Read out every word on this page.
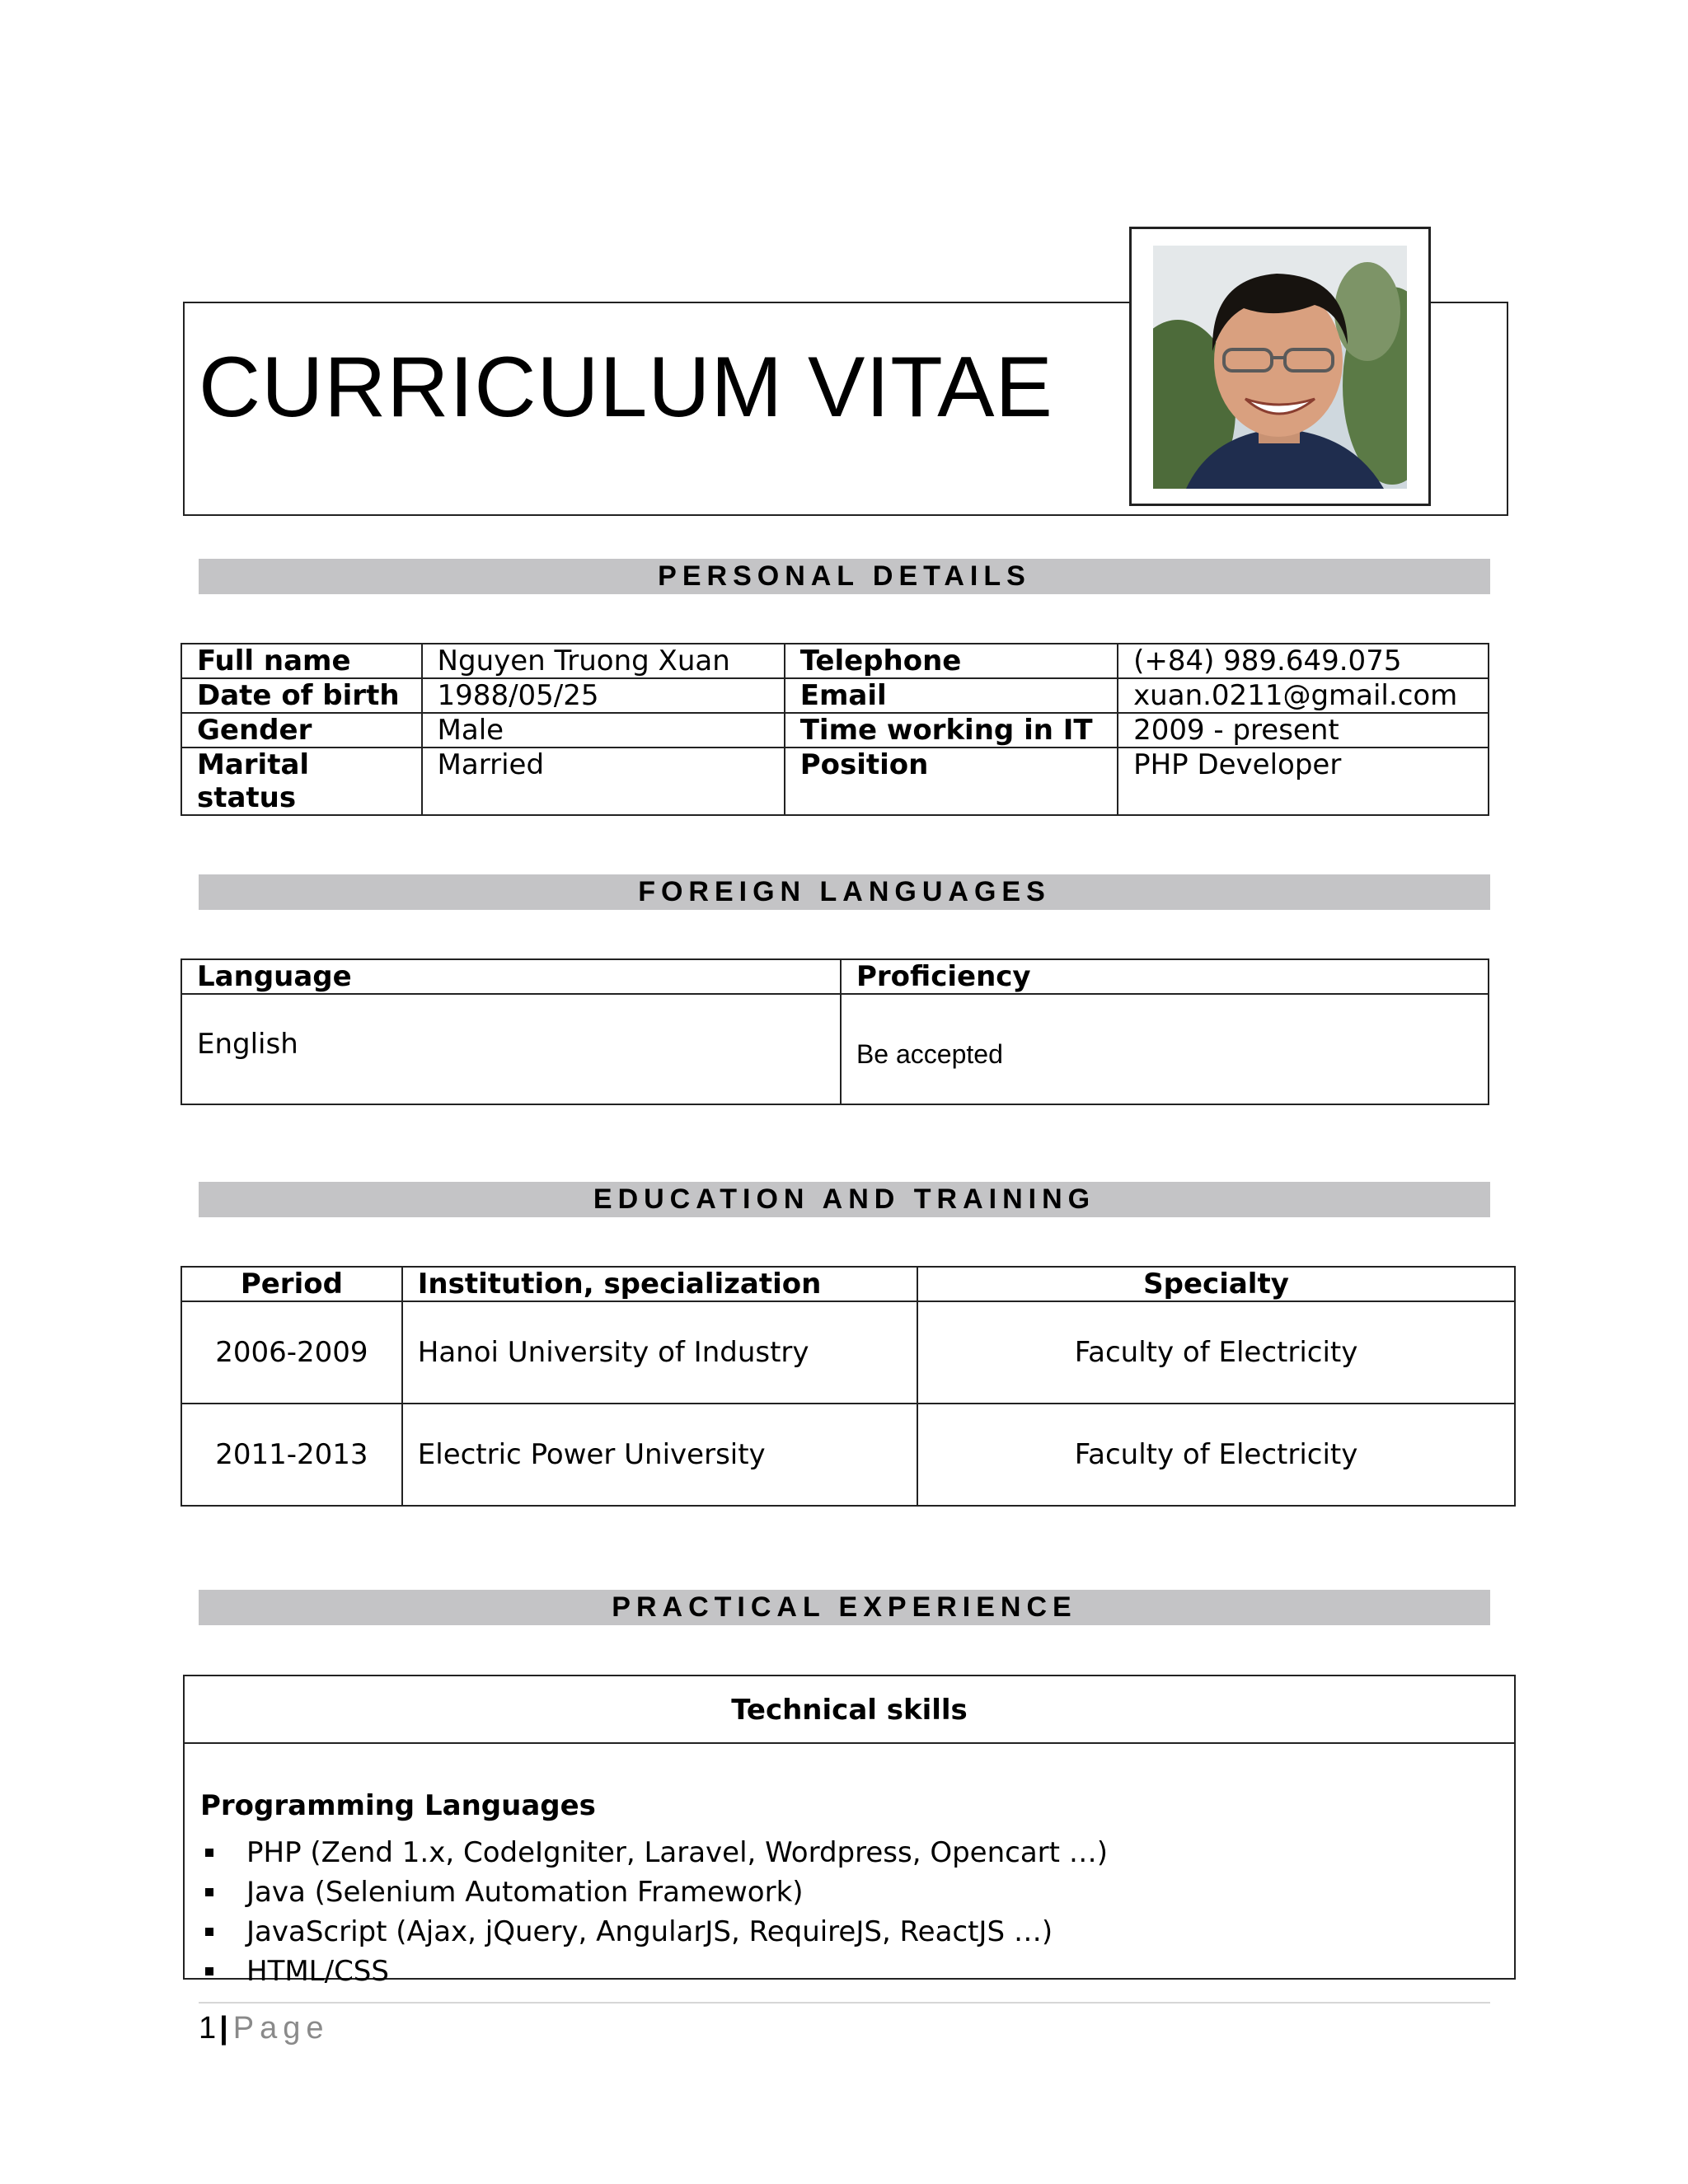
CURRICULUM VITAE
PERSONAL DETAILS
Full name	Nguyen Truong Xuan	Telephone	(+84) 989.649.075
Date of birth	1988/05/25	Email	xuan.0211@gmail.com
Gender	Male	Time working in IT	2009 - present
Marital status	Married	Position	PHP Developer
FOREIGN LANGUAGES
Language	Proficiency
English	Be accepted
EDUCATION AND TRAINING
Period	Institution, specialization	Specialty
2006-2009	Hanoi University of Industry	Faculty of Electricity
2011-2013	Electric Power University	Faculty of Electricity
PRACTICAL EXPERIENCE
Technical skills
Programming Languages
PHP (Zend 1.x, CodeIgniter, Laravel, Wordpress, Opencart …)
Java (Selenium Automation Framework)
JavaScript (Ajax, jQuery, AngularJS, RequireJS, ReactJS …)
HTML/CSS
1 | Page
